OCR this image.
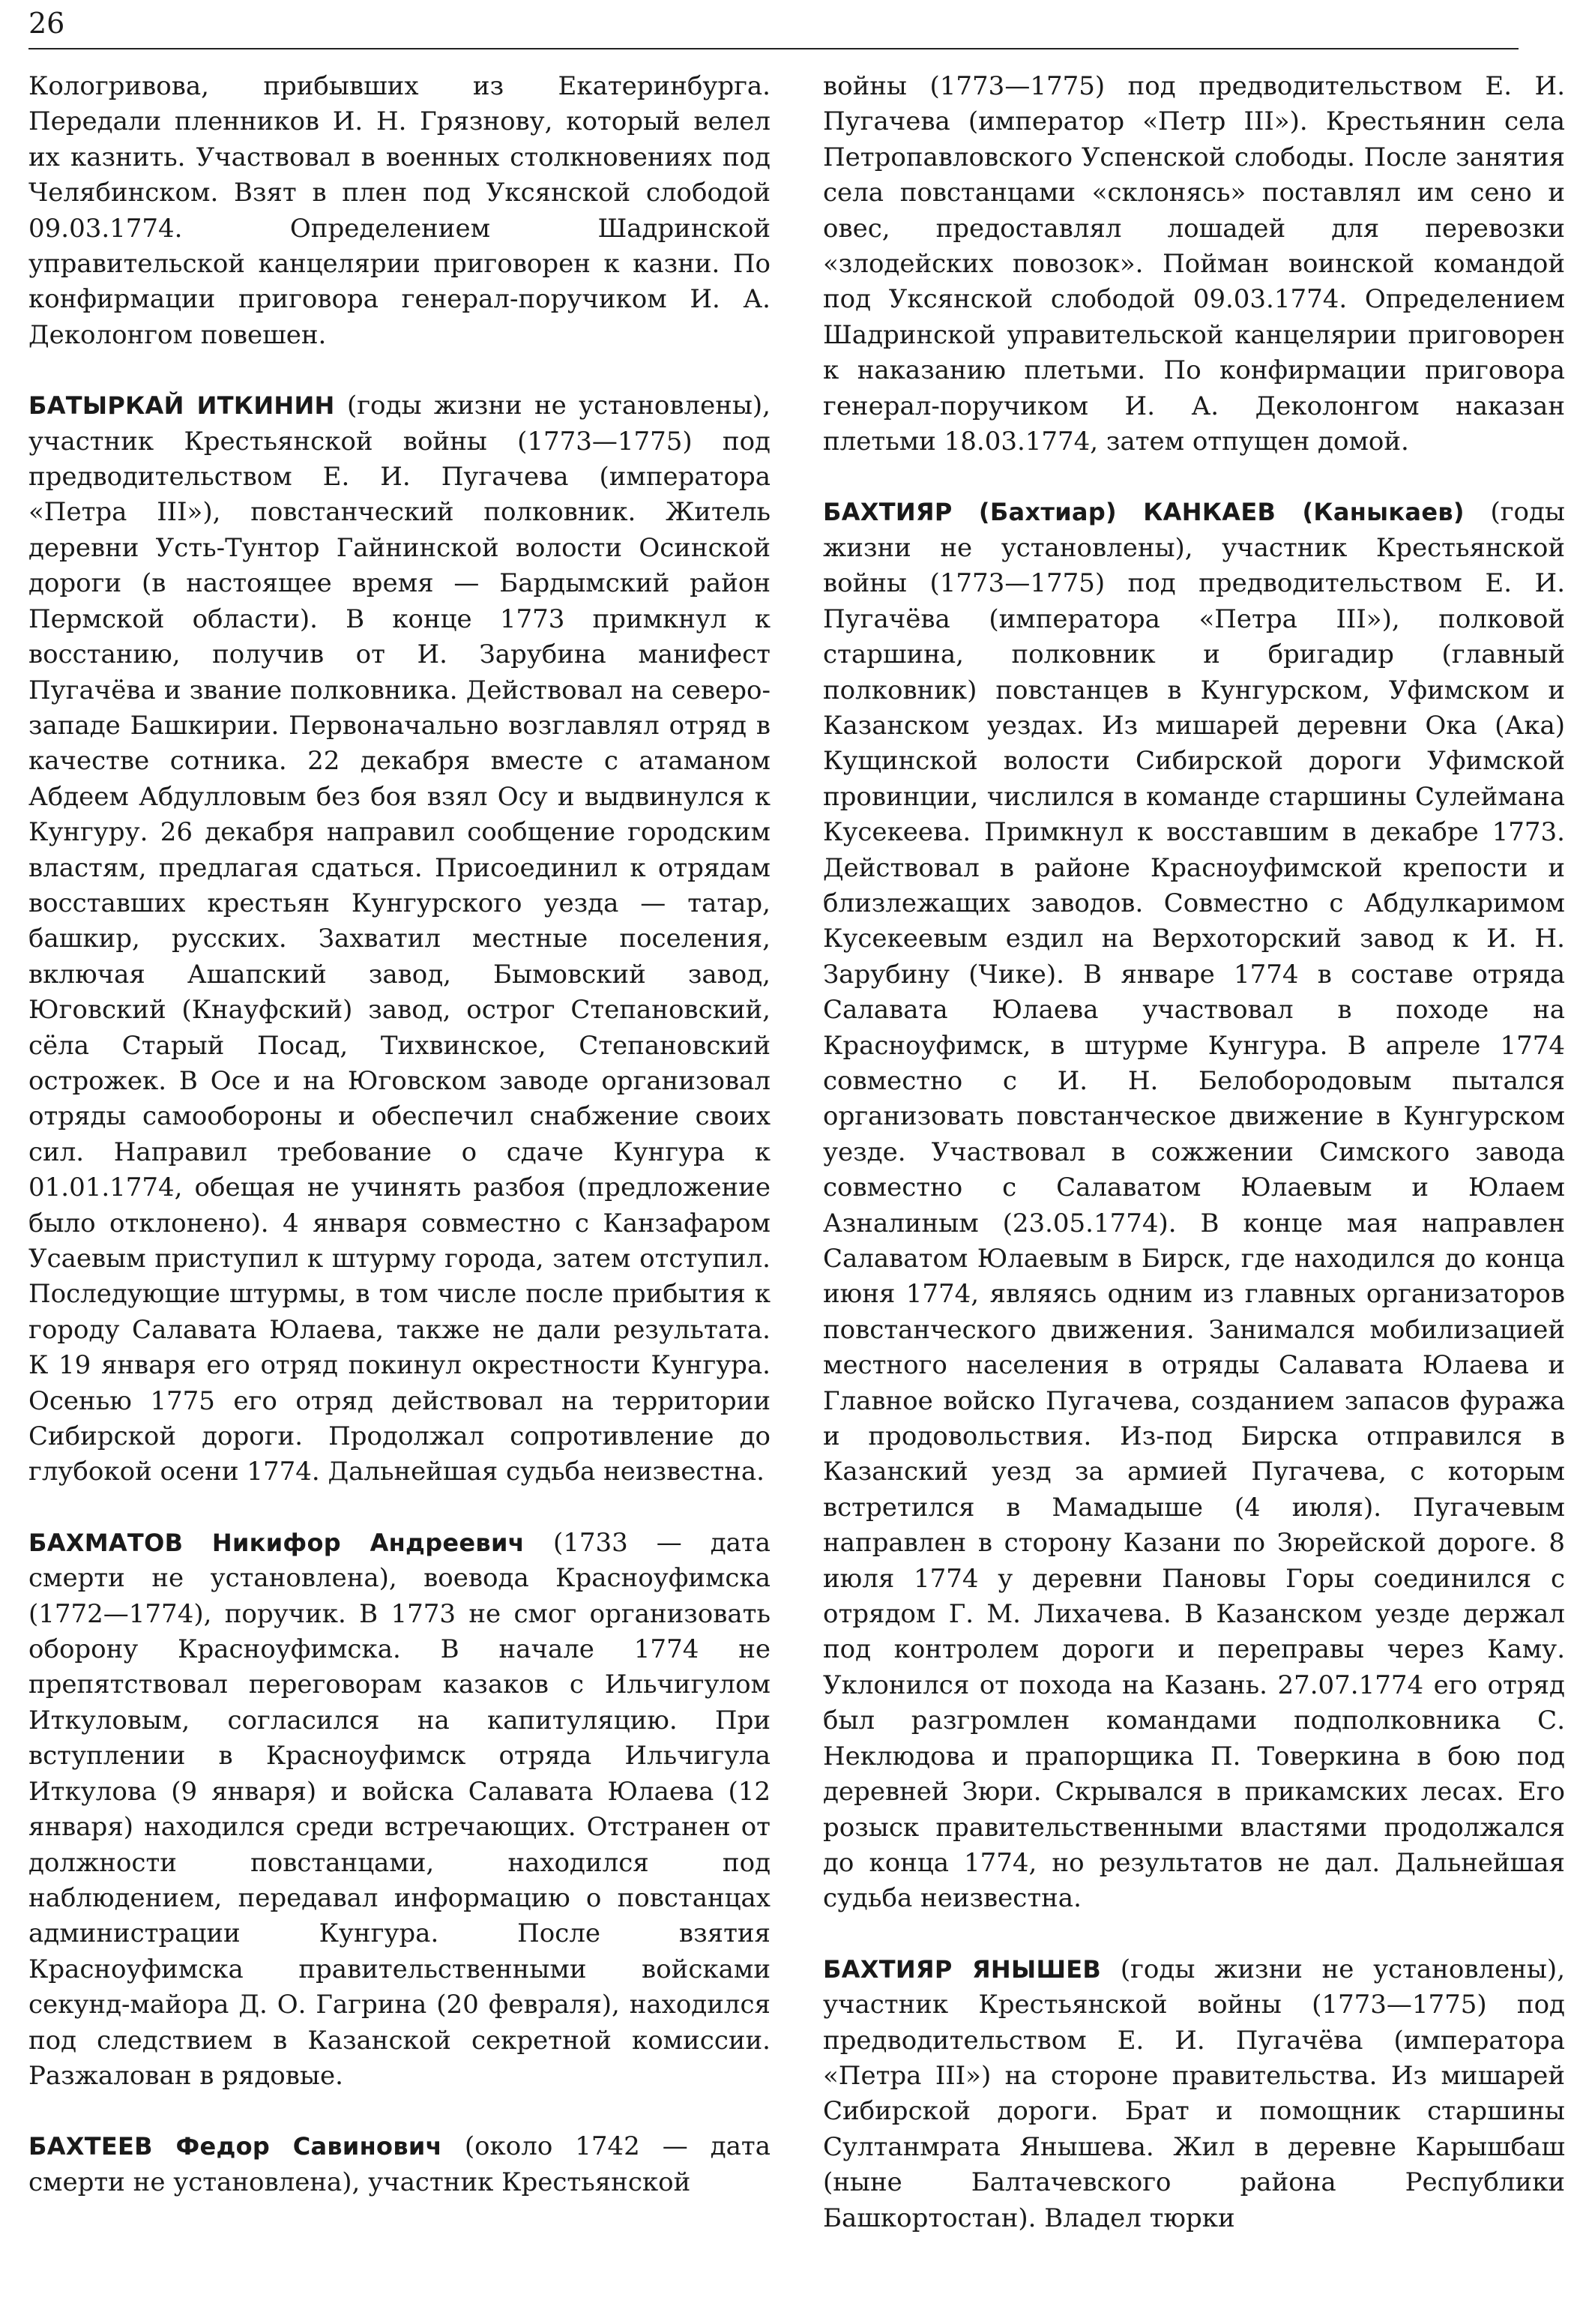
26

Кологривова, прибывших из Екатеринбурга. Передали пленников И. Н. Грязнову, который велел их казнить. Участвовал в военных столкновениях под Челябинском. Взят в плен под Уксянской слободой 09.03.1774. Определением Шадринской управительской канцелярии приговорен к казни. По конфирмации приговора генерал-поручиком И. А. Деколонгом повешен.

БАТЫРКАЙ ИТКИНИН (годы жизни не установлены), участник Крестьянской войны (1773—1775) под предводительством Е. И. Пугачева (императора «Петра III»), повстанческий полковник. Житель деревни Усть-Тунтор Гайнинской волости Осинской дороги (в настоящее время — Бардымский район Пермской области). В конце 1773 примкнул к восстанию, получив от И. Зарубина манифест Пугачёва и звание полковника. Действовал на северо-западе Башкирии. Первоначально возглавлял отряд в качестве сотника. 22 декабря вместе с атаманом Абдеем Абдулловым без боя взял Осу и выдвинулся к Кунгуру. 26 декабря направил сообщение городским властям, предлагая сдаться. Присоединил к отрядам восставших крестьян Кунгурского уезда — татар, башкир, русских. Захватил местные поселения, включая Ашапский завод, Бымовский завод, Юговский (Кнауфский) завод, острог Степановский, сёла Старый Посад, Тихвинское, Степановский острожек. В Осе и на Юговском заводе организовал отряды самообороны и обеспечил снабжение своих сил. Направил требование о сдаче Кунгура к 01.01.1774, обещая не учинять разбоя (предложение было отклонено). 4 января совместно с Канзафаром Усаевым приступил к штурму города, затем отступил. Последующие штурмы, в том числе после прибытия к городу Салавата Юлаева, также не дали результата. К 19 января его отряд покинул окрестности Кунгура. Осенью 1775 его отряд действовал на территории Сибирской дороги. Продолжал сопротивление до глубокой осени 1774. Дальнейшая судьба неизвестна.

БАХМАТОВ Никифор Андреевич (1733 — дата смерти не установлена), воевода Красноуфимска (1772—1774), поручик. В 1773 не смог организовать оборону Красноуфимска. В начале 1774 не препятствовал переговорам казаков с Ильчигулом Иткуловым, согласился на капитуляцию. При вступлении в Красноуфимск отряда Ильчигула Иткулова (9 января) и войска Салавата Юлаева (12 января) находился среди встречающих. Отстранен от должности повстанцами, находился под наблюдением, передавал информацию о повстанцах администрации Кунгура. После взятия Красноуфимска правительственными войсками секунд-майора Д. О. Гагрина (20 февраля), находился под следствием в Казанской секретной комиссии. Разжалован в рядовые.

БАХТЕЕВ Федор Савинович (около 1742 — дата смерти не установлена), участник Крестьянской

войны (1773—1775) под предводительством Е. И. Пугачева (император «Петр III»). Крестьянин села Петропавловского Успенской слободы. После занятия села повстанцами «склонясь» поставлял им сено и овес, предоставлял лошадей для перевозки «злодейских повозок». Пойман воинской командой под Уксянской слободой 09.03.1774. Определением Шадринской управительской канцелярии приговорен к наказанию плетьми. По конфирмации приговора генерал-поручиком И. А. Деколонгом наказан плетьми 18.03.1774, затем отпущен домой.

БАХТИЯР (Бахтиар) КАНКАЕВ (Каныкаев) (годы жизни не установлены), участник Крестьянской войны (1773—1775) под предводительством Е. И. Пугачёва (императора «Петра III»), полковой старшина, полковник и бригадир (главный полковник) повстанцев в Кунгурском, Уфимском и Казанском уездах. Из мишарей деревни Ока (Ака) Кущинской волости Сибирской дороги Уфимской провинции, числился в команде старшины Сулеймана Кусекеева. Примкнул к восставшим в декабре 1773. Действовал в районе Красноуфимской крепости и близлежащих заводов. Совместно с Абдулкаримом Кусекеевым ездил на Верхоторский завод к И. Н. Зарубину (Чике). В январе 1774 в составе отряда Салавата Юлаева участвовал в походе на Красноуфимск, в штурме Кунгура. В апреле 1774 совместно с И. Н. Белобородовым пытался организовать повстанческое движение в Кунгурском уезде. Участвовал в сожжении Симского завода совместно с Салаватом Юлаевым и Юлаем Азналиным (23.05.1774). В конце мая направлен Салаватом Юлаевым в Бирск, где находился до конца июня 1774, являясь одним из главных организаторов повстанческого движения. Занимался мобилизацией местного населения в отряды Салавата Юлаева и Главное войско Пугачева, созданием запасов фуража и продовольствия. Из-под Бирска отправился в Казанский уезд за армией Пугачева, с которым встретился в Мамадыше (4 июля). Пугачевым направлен в сторону Казани по Зюрейской дороге. 8 июля 1774 у деревни Пановы Горы соединился с отрядом Г. М. Лихачева. В Казанском уезде держал под контролем дороги и переправы через Каму. Уклонился от похода на Казань. 27.07.1774 его отряд был разгромлен командами подполковника С. Неклюдова и прапорщика П. Товеркина в бою под деревней Зюри. Скрывался в прикамских лесах. Его розыск правительственными властями продолжался до конца 1774, но результатов не дал. Дальнейшая судьба неизвестна.

БАХТИЯР ЯНЫШЕВ (годы жизни не установлены), участник Крестьянской войны (1773—1775) под предводительством Е. И. Пугачёва (императора «Петра III») на стороне правительства. Из мишарей Сибирской дороги. Брат и помощник старшины Султанмрата Янышева. Жил в деревне Карышбаш (ныне Балтачевского района Республики Башкортостан). Владел тюрки
